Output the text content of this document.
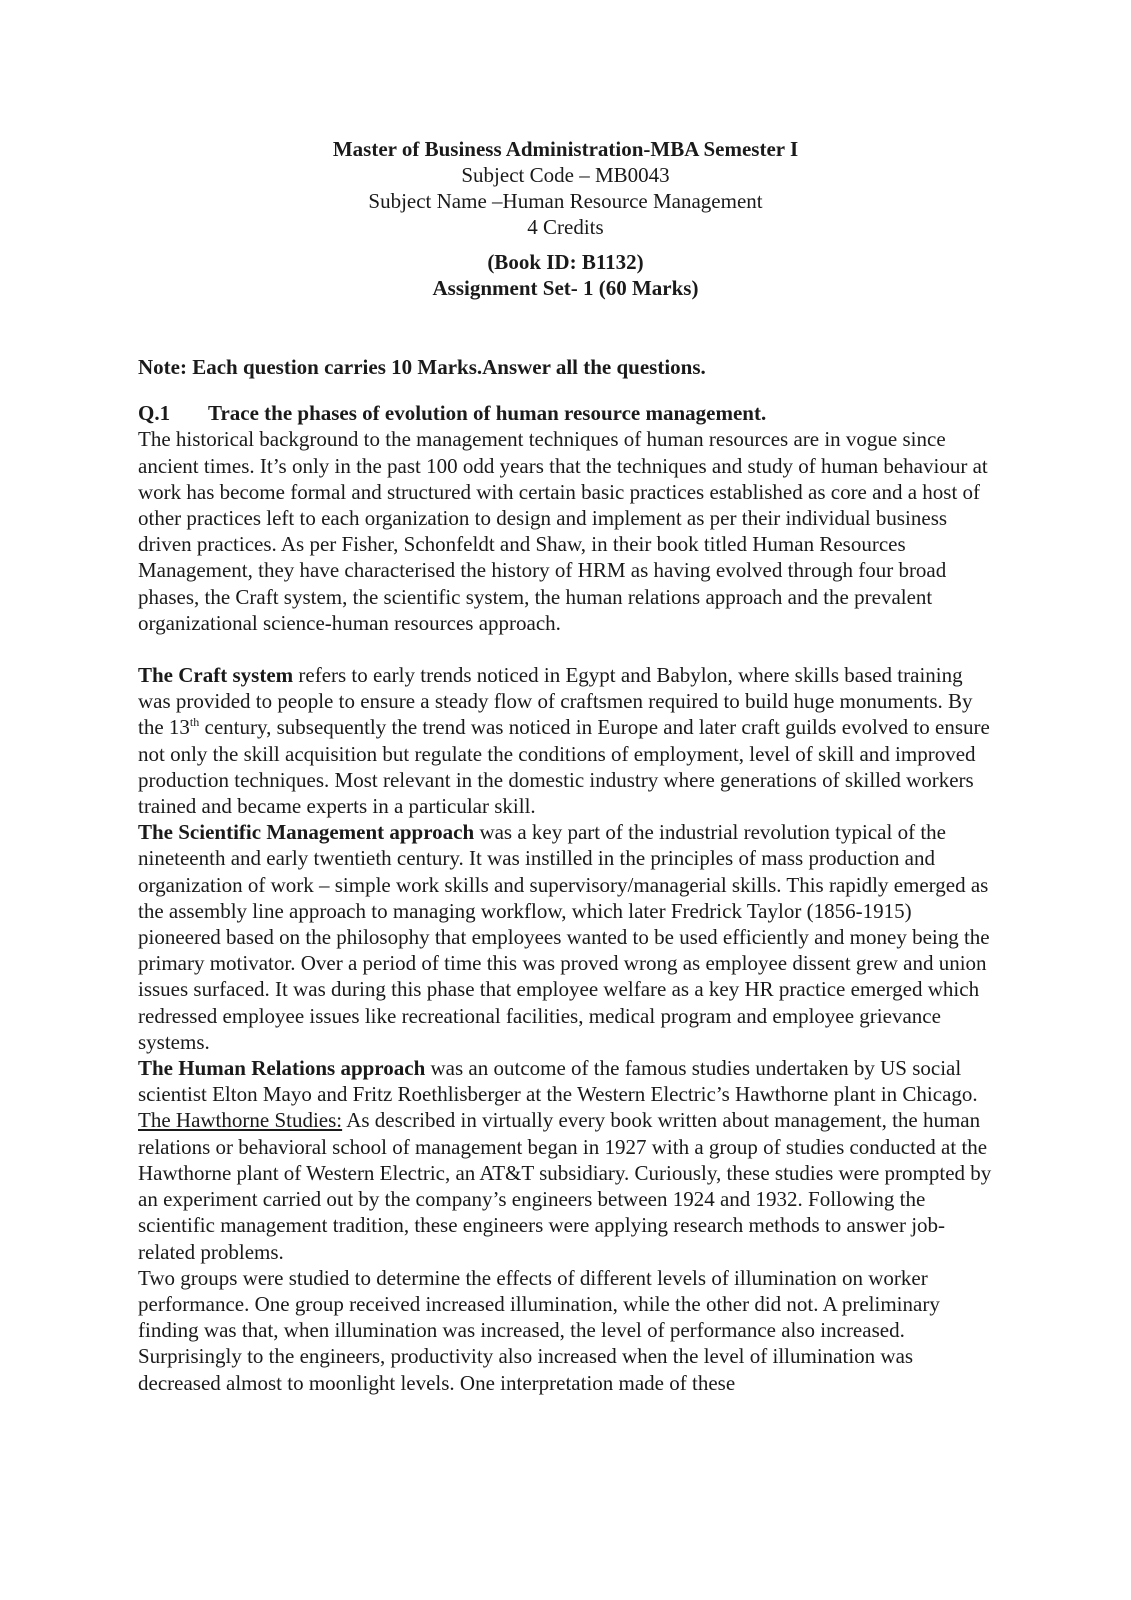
Master of Business Administration-MBA Semester I
Subject Code – MB0043
Subject Name –Human Resource Management
4 Credits
(Book ID: B1132)
Assignment Set- 1 (60 Marks)

Note: Each question carries 10 Marks.Answer all the questions.

Q.1 Trace the phases of evolution of human resource management.

The historical background to the management techniques of human resources are in vogue since ancient times. It’s only in the past 100 odd years that the techniques and study of human behaviour at work has become formal and structured with certain basic practices established as core and a host of other practices left to each organization to design and implement as per their individual business driven practices. As per Fisher, Schonfeldt and Shaw, in their book titled Human Resources Management, they have characterised the history of HRM as having evolved through four broad phases, the Craft system, the scientific system, the human relations approach and the prevalent organizational science-human resources approach.

The Craft system refers to early trends noticed in Egypt and Babylon, where skills based training was provided to people to ensure a steady flow of craftsmen required to build huge monuments. By the 13th century, subsequently the trend was noticed in Europe and later craft guilds evolved to ensure not only the skill acquisition but regulate the conditions of employment, level of skill and improved production techniques. Most relevant in the domestic industry where generations of skilled workers trained and became experts in a particular skill.

The Scientific Management approach was a key part of the industrial revolution typical of the nineteenth and early twentieth century. It was instilled in the principles of mass production and organization of work – simple work skills and supervisory/managerial skills. This rapidly emerged as the assembly line approach to managing workflow, which later Fredrick Taylor (1856-1915) pioneered based on the philosophy that employees wanted to be used efficiently and money being the primary motivator. Over a period of time this was proved wrong as employee dissent grew and union issues surfaced. It was during this phase that employee welfare as a key HR practice emerged which redressed employee issues like recreational facilities, medical program and employee grievance systems.

The Human Relations approach was an outcome of the famous studies undertaken by US social scientist Elton Mayo and Fritz Roethlisberger at the Western Electric’s Hawthorne plant in Chicago.

The Hawthorne Studies: As described in virtually every book written about management, the human relations or behavioral school of management began in 1927 with a group of studies conducted at the Hawthorne plant of Western Electric, an AT&T subsidiary. Curiously, these studies were prompted by an experiment carried out by the company’s engineers between 1924 and 1932. Following the scientific management tradition, these engineers were applying research methods to answer job-related problems.

Two groups were studied to determine the effects of different levels of illumination on worker performance. One group received increased illumination, while the other did not. A preliminary finding was that, when illumination was increased, the level of performance also increased. Surprisingly to the engineers, productivity also increased when the level of illumination was decreased almost to moonlight levels. One interpretation made of these
